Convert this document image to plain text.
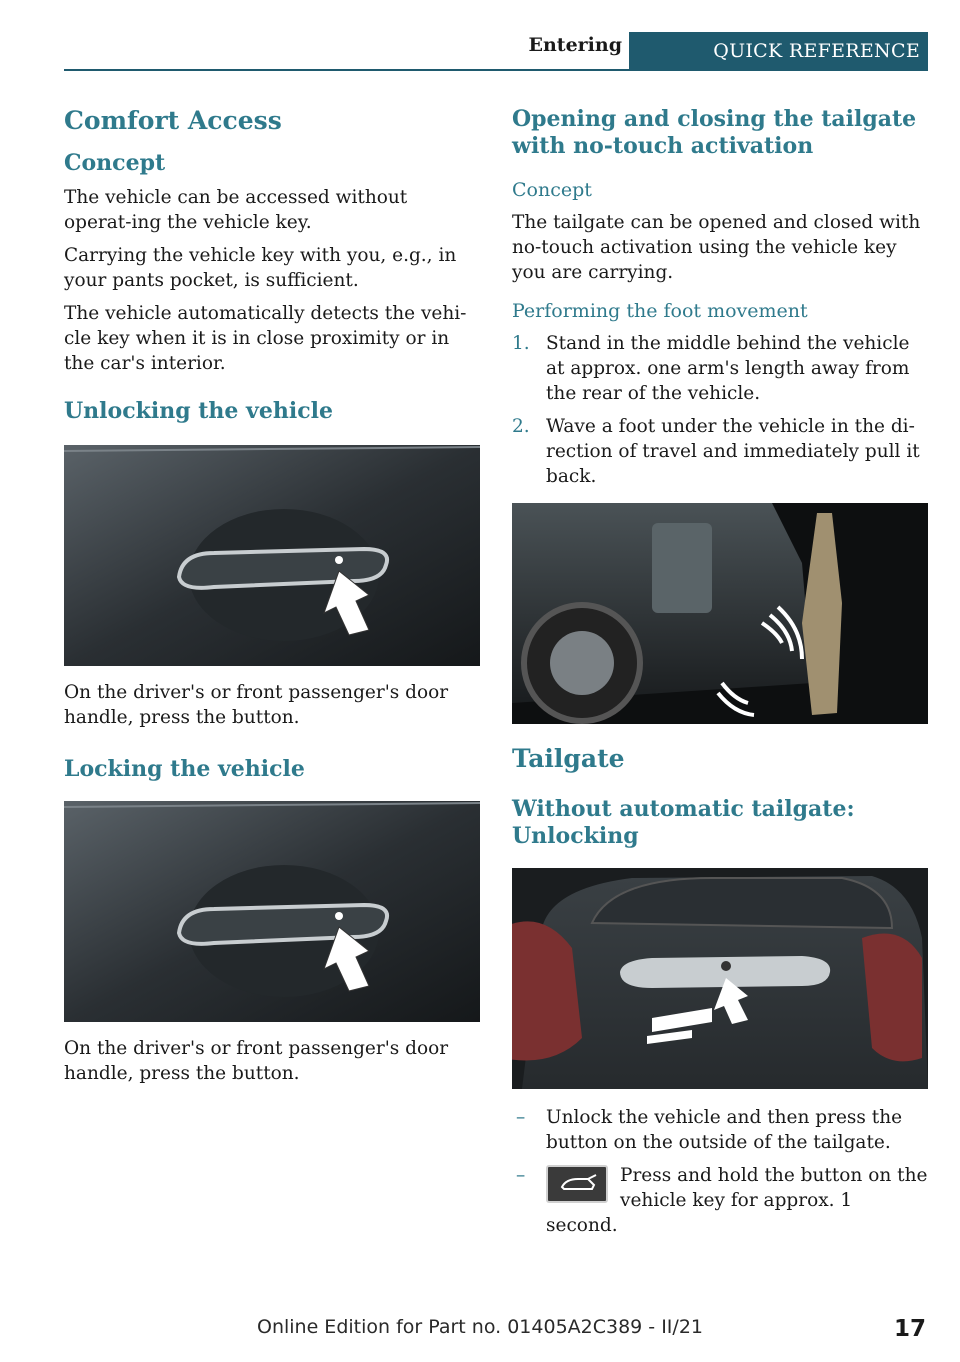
Entering	QUICK REFERENCE
Comfort Access
Concept

The vehicle can be accessed without operat‐ing the vehicle key.

Carrying the vehicle key with you, e.g., in your pants pocket, is sufficient.

The vehicle automatically detects the vehi‐cle key when it is in close proximity or in the car's interior.

Unlocking the vehicle

On the driver's or front passenger's door handle, press the button.

Locking the vehicle

On the driver's or front passenger's door handle, press the button.

Opening and closing the tailgate with no-touch activation
Concept

The tailgate can be opened and closed with no-touch activation using the vehicle key you are carrying.

Performing the foot movement
1. Stand in the middle behind the vehicle at approx. one arm's length away from the rear of the vehicle.
2. Wave a foot under the vehicle in the di‐rection of travel and immediately pull it back.
Tailgate
Without automatic tailgate: Unlocking
– Unlock the vehicle and then press the button on the outside of the tailgate.
–	Press and hold the button on the vehicle key for approx. 1 second.
Online Edition for Part no. 01405A2C389 - II/21	17
